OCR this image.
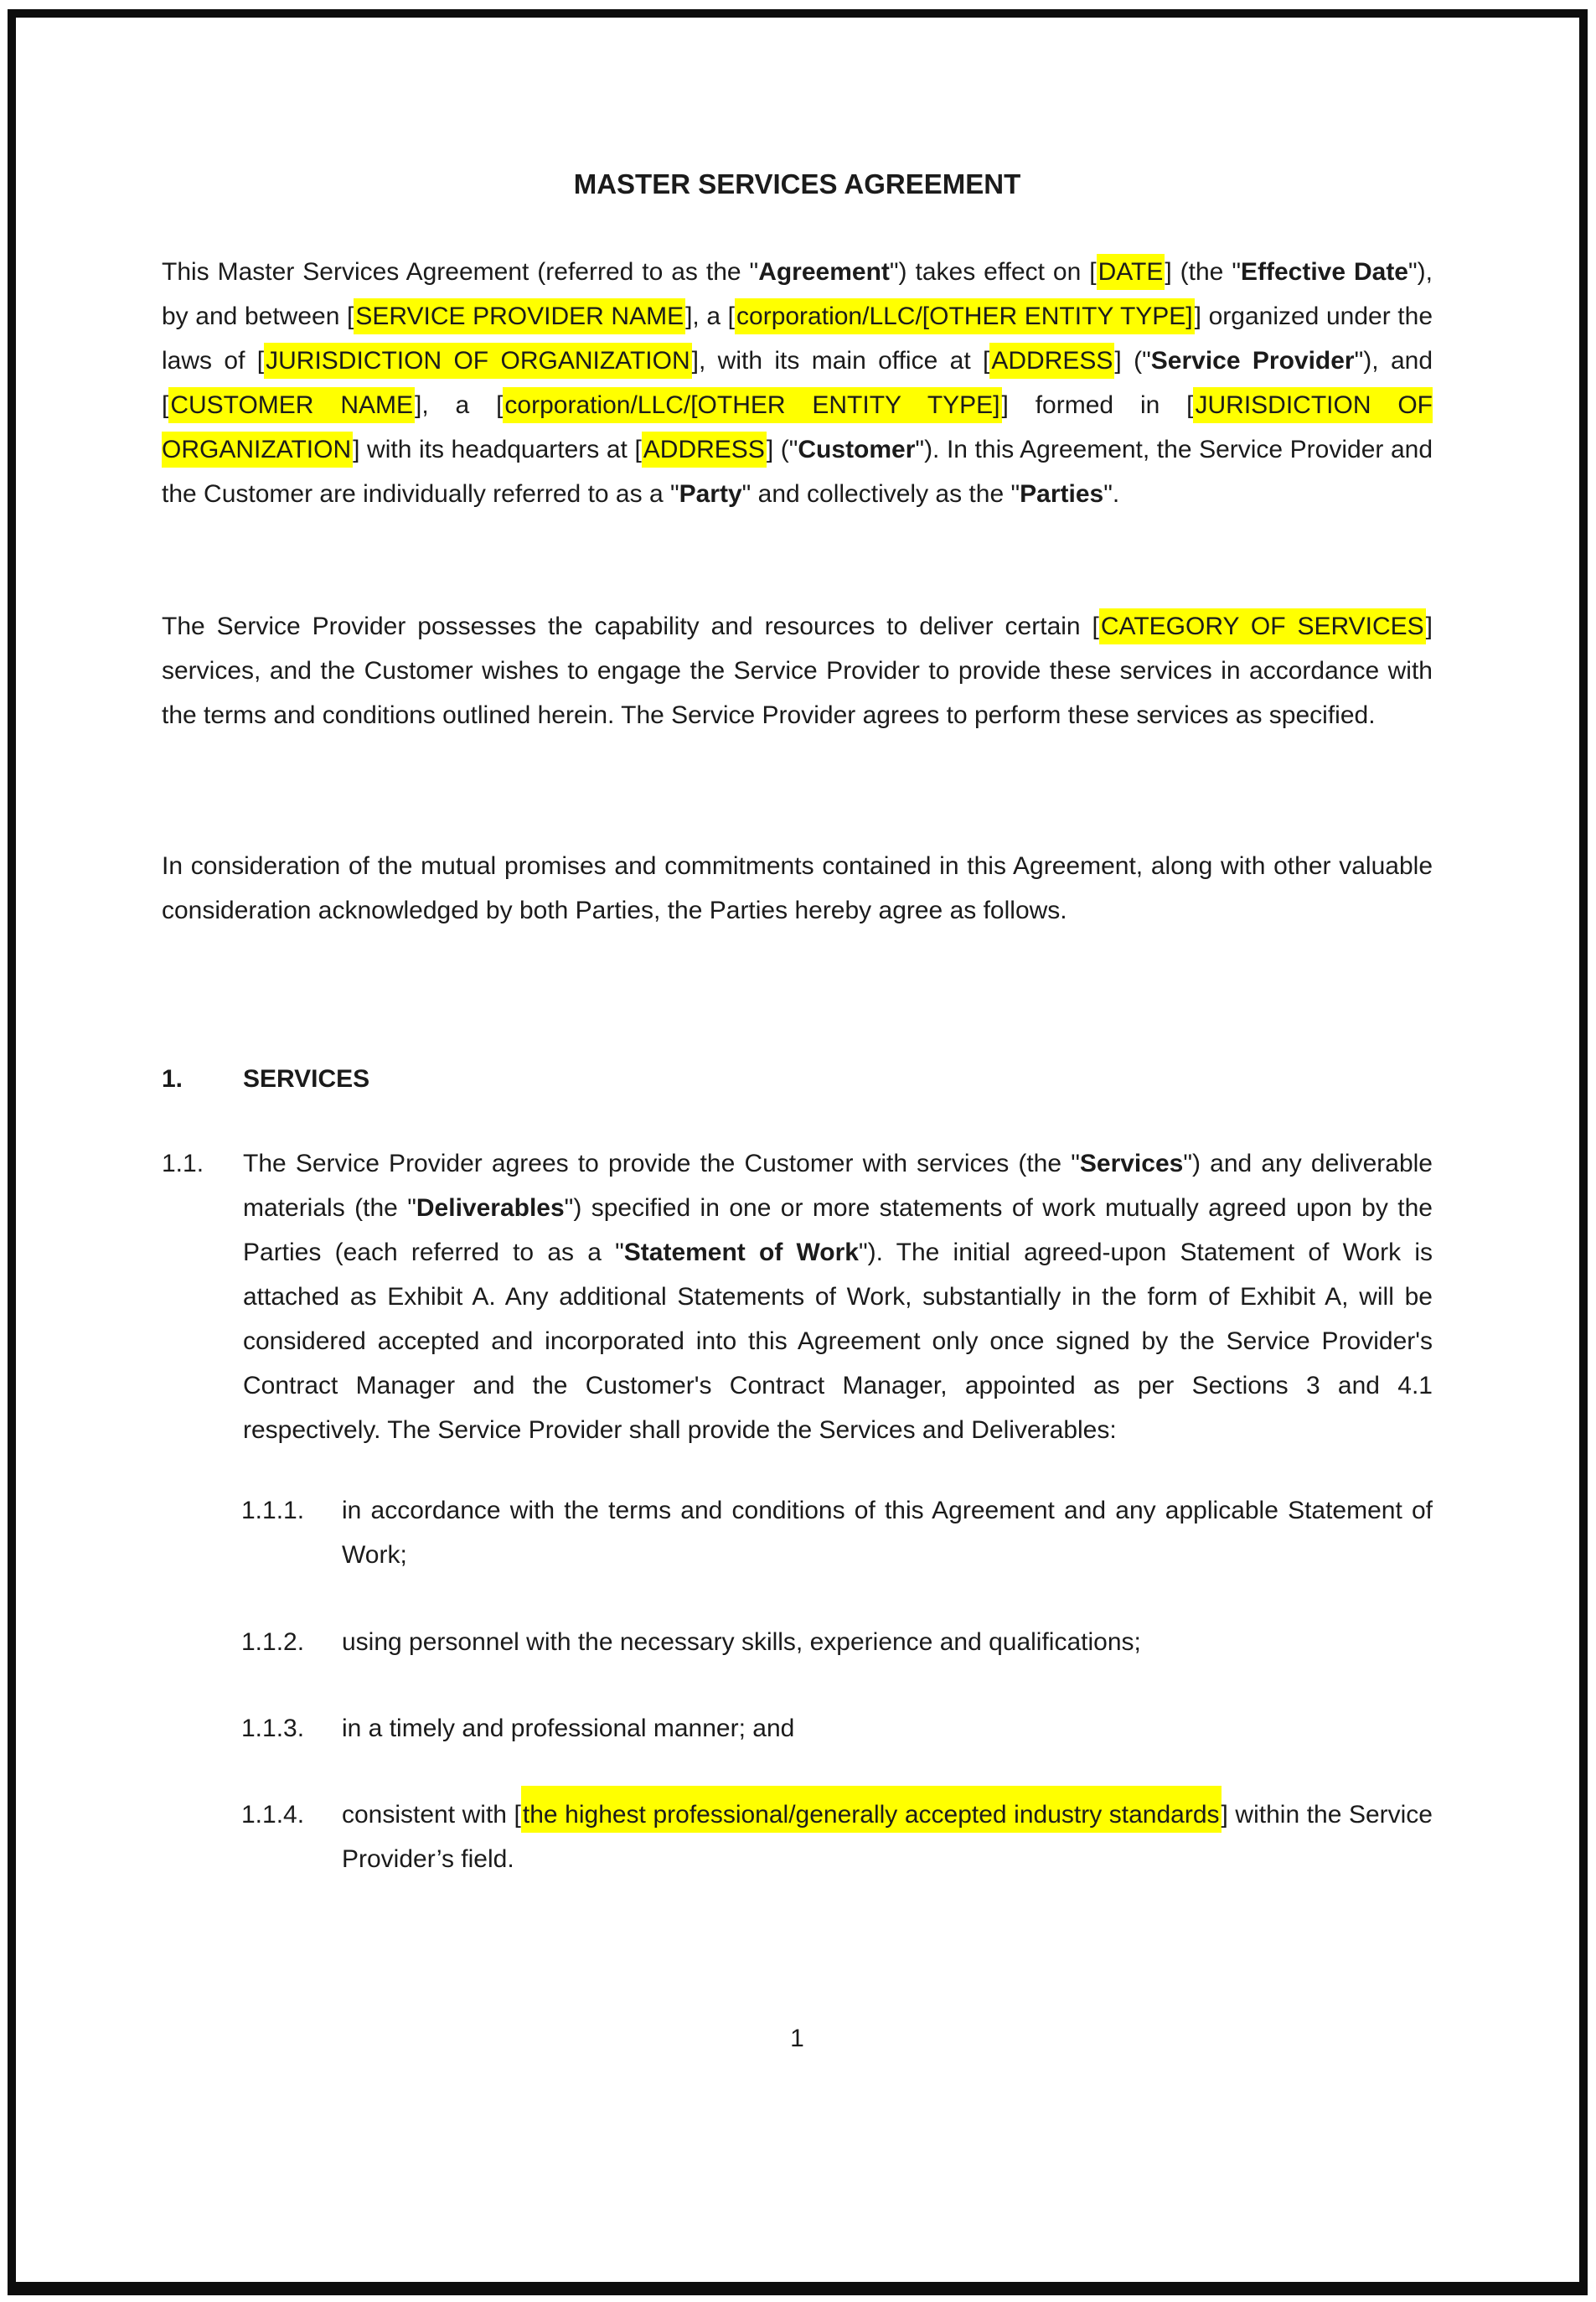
MASTER SERVICES AGREEMENT
This Master Services Agreement (referred to as the "Agreement") takes effect on [DATE] (the "Effective Date"), by and between [SERVICE PROVIDER NAME], a [corporation/LLC/[OTHER ENTITY TYPE]] organized under the laws of [JURISDICTION OF ORGANIZATION], with its main office at [ADDRESS] ("Service Provider"), and [CUSTOMER NAME], a [corporation/LLC/[OTHER ENTITY TYPE]] formed in [JURISDICTION OF ORGANIZATION] with its headquarters at [ADDRESS] ("Customer"). In this Agreement, the Service Provider and the Customer are individually referred to as a "Party" and collectively as the "Parties".
The Service Provider possesses the capability and resources to deliver certain [CATEGORY OF SERVICES] services, and the Customer wishes to engage the Service Provider to provide these services in accordance with the terms and conditions outlined herein. The Service Provider agrees to perform these services as specified.
In consideration of the mutual promises and commitments contained in this Agreement, along with other valuable consideration acknowledged by both Parties, the Parties hereby agree as follows.
1.	SERVICES
1.1.	The Service Provider agrees to provide the Customer with services (the "Services") and any deliverable materials (the "Deliverables") specified in one or more statements of work mutually agreed upon by the Parties (each referred to as a "Statement of Work"). The initial agreed-upon Statement of Work is attached as Exhibit A. Any additional Statements of Work, substantially in the form of Exhibit A, will be considered accepted and incorporated into this Agreement only once signed by the Service Provider's Contract Manager and the Customer's Contract Manager, appointed as per Sections 3 and 4.1 respectively. The Service Provider shall provide the Services and Deliverables:
1.1.1.	in accordance with the terms and conditions of this Agreement and any applicable Statement of Work;
1.1.2.	using personnel with the necessary skills, experience and qualifications;
1.1.3.	in a timely and professional manner; and
1.1.4.	consistent with [the highest professional/generally accepted industry standards] within the Service Provider’s field.
1
